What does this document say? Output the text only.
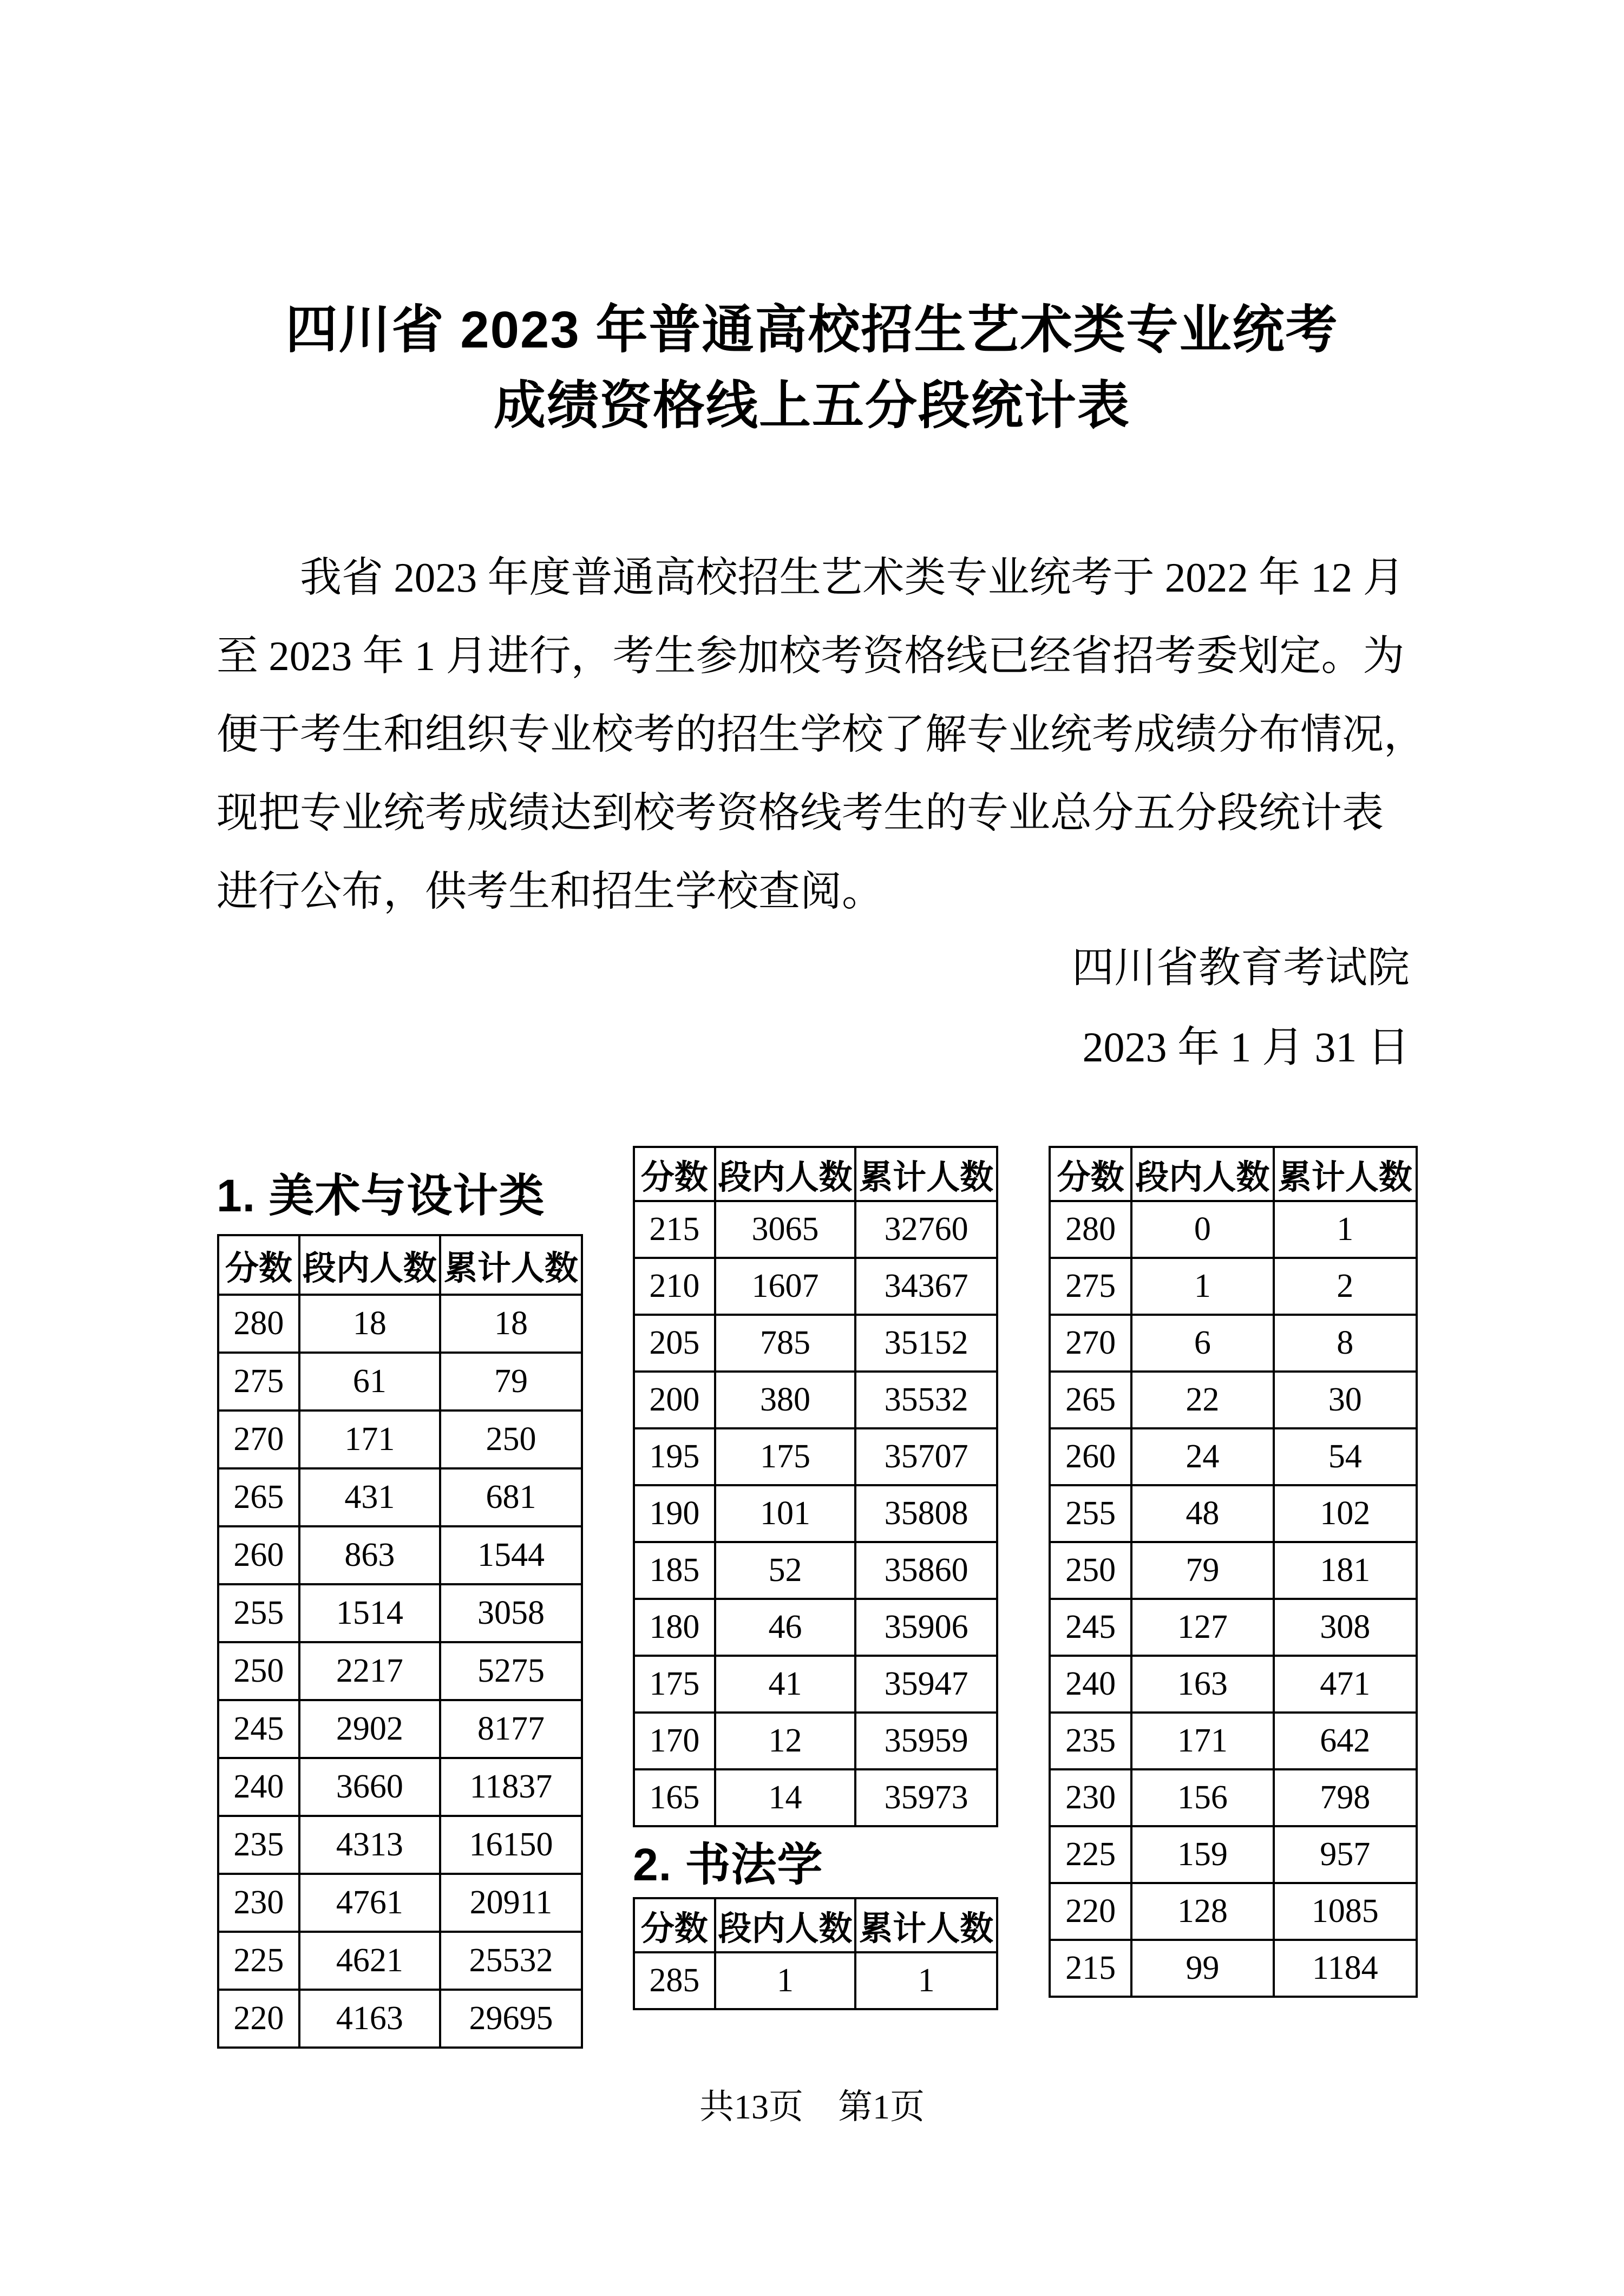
四川省 2023 年普通高校招生艺术类专业统考
成绩资格线上五分段统计表
我省 2023 年度普通高校招生艺术类专业统考于 2022 年 12 月
至 2023 年 1 月进行，考生参加校考资格线已经省招考委划定。为
便于考生和组织专业校考的招生学校了解专业统考成绩分布情况，
现把专业统考成绩达到校考资格线考生的专业总分五分段统计表
进行公布，供考生和招生学校查阅。
四川省教育考试院
2023 年 1 月 31 日
1. 美术与设计类
分数	段内人数	累计人数
280	18	18
275	61	79
270	171	250
265	431	681
260	863	1544
255	1514	3058
250	2217	5275
245	2902	8177
240	3660	11837
235	4313	16150
230	4761	20911
225	4621	25532
220	4163	29695
分数	段内人数	累计人数
215	3065	32760
210	1607	34367
205	785	35152
200	380	35532
195	175	35707
190	101	35808
185	52	35860
180	46	35906
175	41	35947
170	12	35959
165	14	35973
2. 书法学
分数	段内人数	累计人数
285	1	1
分数	段内人数	累计人数
280	0	1
275	1	2
270	6	8
265	22	30
260	24	54
255	48	102
250	79	181
245	127	308
240	163	471
235	171	642
230	156	798
225	159	957
220	128	1085
215	99	1184
共13页　第1页
